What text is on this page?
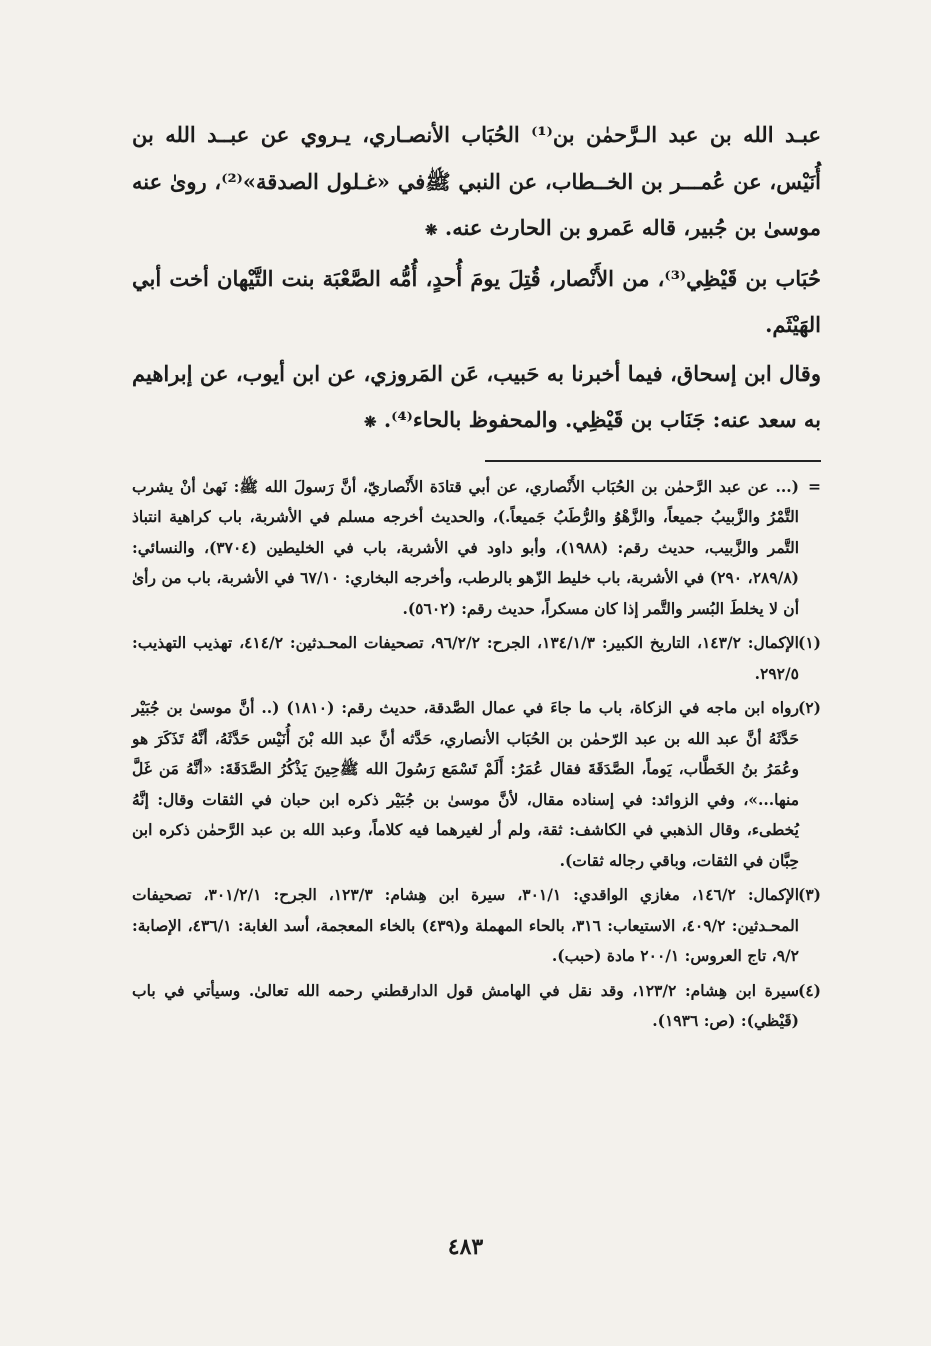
عبـد الله بن عبد الـرَّحمٰن بن⁽¹⁾ الحُبَاب الأنصـاري، يـروي عن عبــد الله بن أُنَيْس، عن عُمـــر بن الخــطاب، عن النبي ﷺفي «غـلول الصدقة»⁽²⁾، روىٰ عنه موسىٰ بن جُبير، قاله عَمرو بن الحارث عنه. ❋

حُبَاب بن قَيْظِي⁽³⁾، من الأَنْصار، قُتِلَ يومَ أُحدٍ، أُمُّه الصَّعْبَة بنت التَّيْهان أخت أبي الهَيْثَم.

وقال ابن إسحاق، فيما أخبرنا به حَبيب، عَن المَروزي، عن ابن أيوب، عن إبراهيم به سعد عنه: جَنَاب بن قَيْظِي. والمحفوظ بالحاء⁽⁴⁾. ❋

=
(... عن عبد الرَّحمٰن بن الحُبَاب الأَنْصاري، عن أبي قتادَة الأَنْصاريّ، أنَّ رَسولَ الله ﷺ: نَهىٰ أنْ يشرب التَّمْرُ والزَّبيبُ جميعاً، والزَّهْوُ والرُّطَبُ جَميعاً.)، والحديث أخرجه مسلم في الأشربة، باب كراهية انتباذ التَّمر والزَّبيب، حديث رقم: (١٩٨٨)، وأبو داود في الأشربة، باب في الخليطين (٣٧٠٤)، والنسائي: (٢٨٩/٨، ٢٩٠) في الأشربة، باب خليط الزّهو بالرطب، وأخرجه البخاري: ٦٧/١٠ في الأشربة، باب من رأىٰ أن لا يخلطَ البُسر والتَّمر إذا كان مسكراً، حديث رقم: (٥٦٠٢).
(١)
الإكمال: ١٤٣/٢، التاريخ الكبير: ١٣٤/١/٣، الجرح: ٩٦/٢/٢، تصحيفات المحـدثين: ٤١٤/٢، تهذيب التهذيب: ٢٩٢/٥.
(٢)
رواه ابن ماجه في الزكاة، باب ما جاءَ في عمال الصَّدقة، حديث رقم: (١٨١٠) (.. أنَّ موسىٰ بن جُبَيْر حَدَّثَهُ أنَّ عبد الله بن عبد الرّحمٰن بن الحُبَاب الأنصاري، حَدَّثه أنَّ عبد الله بْنَ أُنَيْس حَدَّثَهُ، أنَّهُ تَذَكَرَ هو وعُمَرُ بنُ الخَطَّاب، يَوماً، الصَّدَقَةَ فقال عُمَرُ: أَلَمْ تَسْمَع رَسُولَ الله ﷺحِينَ يَذْكُرُ الصَّدَقَةَ: «أنَّهُ مَن غَلَّ منها...»، وفي الزوائد: في إسناده مقال، لأنَّ موسىٰ بن جُبَيْر ذكره ابن حبان في الثقات وقال: إنَّهُ يُخطىء، وقال الذهبي في الكاشف: ثقة، ولم أر لغيرهما فيه كلاماً، وعبد الله بن عبد الرَّحمٰن ذكره ابن حِبَّان في الثقات، وباقي رجاله ثقات).
(٣)
الإكمال: ١٤٦/٢، مغازي الواقدي: ٣٠١/١، سيرة ابن هِشام: ١٢٣/٣، الجرح: ٣٠١/٢/١، تصحيفات المحـدثين: ٤٠٩/٢، الاستيعاب: ٣١٦، بالحاء المهملة و(٤٣٩) بالخاء المعجمة، أسد الغابة: ٤٣٦/١، الإصابة: ٩/٢، تاج العروس: ٢٠٠/١ مادة (حبب).
(٤)
سيرة ابن هِشام: ١٢٣/٢، وقد نقل في الهامش قول الدارقطني رحمه الله تعالىٰ. وسيأتي في باب (قَيْظي): (ص: ١٩٣٦).
٤٨٣
